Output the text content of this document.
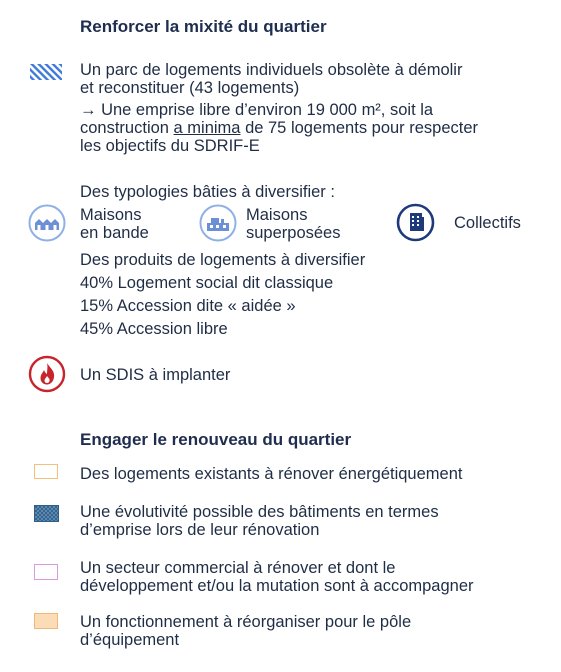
Renforcer la mixité du quartier
Un parc de logements individuels obsolète à démolir
et reconstituer (43 logements)
→ Une emprise libre d’environ 19 000 m², soit la
construction a minima de 75 logements pour respecter
les objectifs du SDRIF-E
Des typologies bâties à diversifier :
Maisons
en bande
Maisons
superposées
Collectifs
Des produits de logements à diversifier
40% Logement social dit classique
15% Accession dite « aidée »
45% Accession libre
Un SDIS à implanter
Engager le renouveau du quartier
Des logements existants à rénover énergétiquement
Une évolutivité possible des bâtiments en termes
d’emprise lors de leur rénovation
Un secteur commercial à rénover et dont le
développement et/ou la mutation sont à accompagner
Un fonctionnement à réorganiser pour le pôle
d’équipement
